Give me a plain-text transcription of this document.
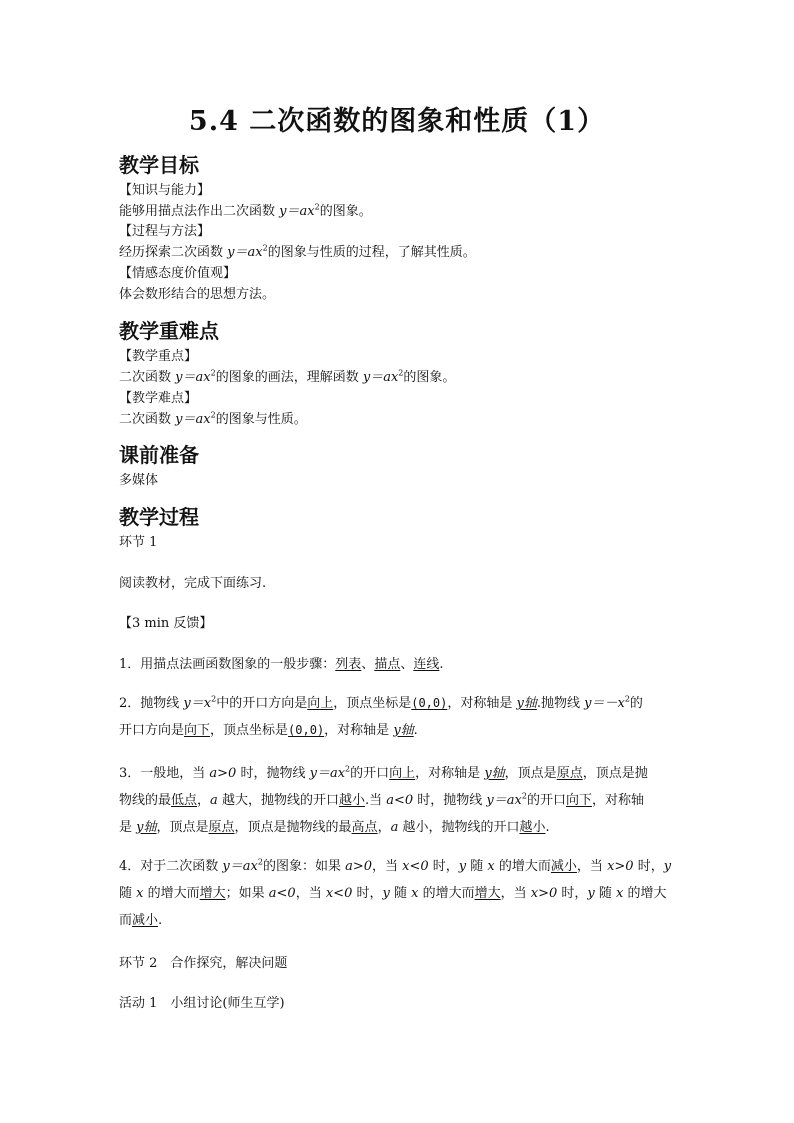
5.4 二次函数的图象和性质（1）
教学目标
【知识与能力】
能够用描点法作出二次函数 $y=ax^2$的图象。
【过程与方法】
经历探索二次函数 $y=ax^2$的图象与性质的过程，了解其性质。
【情感态度价值观】
体会数形结合的思想方法。
教学重难点
【教学重点】
二次函数 $y=ax^2$的图象的画法，理解函数 $y=ax^2$的图象。
【教学难点】
二次函数 $y=ax^2$的图象与性质。
课前准备
多媒体
教学过程
环节 1
阅读教材，完成下面练习.
【3 min 反馈】
1．用描点法画函数图象的一般步骤：列表、描点、连线.
2．抛物线 $y=x^2$中的开口方向是向上，顶点坐标是(0,0)，对称轴是 y轴.抛物线 $y=-x^2$的
开口方向是向下，顶点坐标是(0,0)，对称轴是 y轴.
3．一般地，当 a>0 时，抛物线 $y=ax^2$的开口向上，对称轴是 y轴，顶点是原点，顶点是抛
物线的最低点，a 越大，抛物线的开口越小.当 a<0 时，抛物线 $y=ax^2$的开口向下，对称轴
是 y轴，顶点是原点，顶点是抛物线的最高点，a 越小，抛物线的开口越小.
4．对于二次函数 $y=ax^2$的图象：如果 a>0，当 x<0 时，y 随 x 的增大而减小，当 x>0 时，y
随 x 的增大而增大；如果 a<0，当 x<0 时，y 随 x 的增大而增大，当 x>0 时，y 随 x 的增大
而减小.
环节 2　合作探究，解决问题
活动 1　小组讨论(师生互学)
